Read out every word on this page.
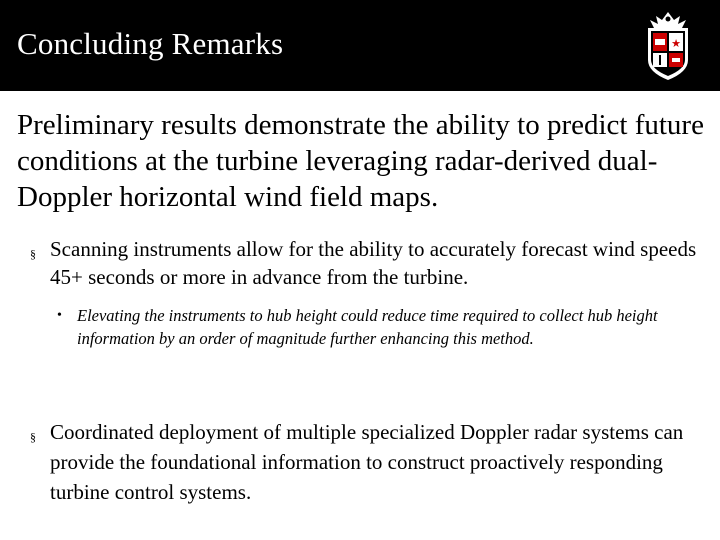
Concluding Remarks	★
Preliminary results demonstrate the ability to predict future conditions at the turbine leveraging radar-derived dual-Doppler horizontal wind field maps.
§ Scanning instruments allow for the ability to accurately forecast wind speeds 45+ seconds or more in advance from the turbine.
• Elevating the instruments to hub height could reduce time required to collect hub height information by an order of magnitude further enhancing this method.
§ Coordinated deployment of multiple specialized Doppler radar systems can provide the foundational information to construct proactively responding turbine control systems.
